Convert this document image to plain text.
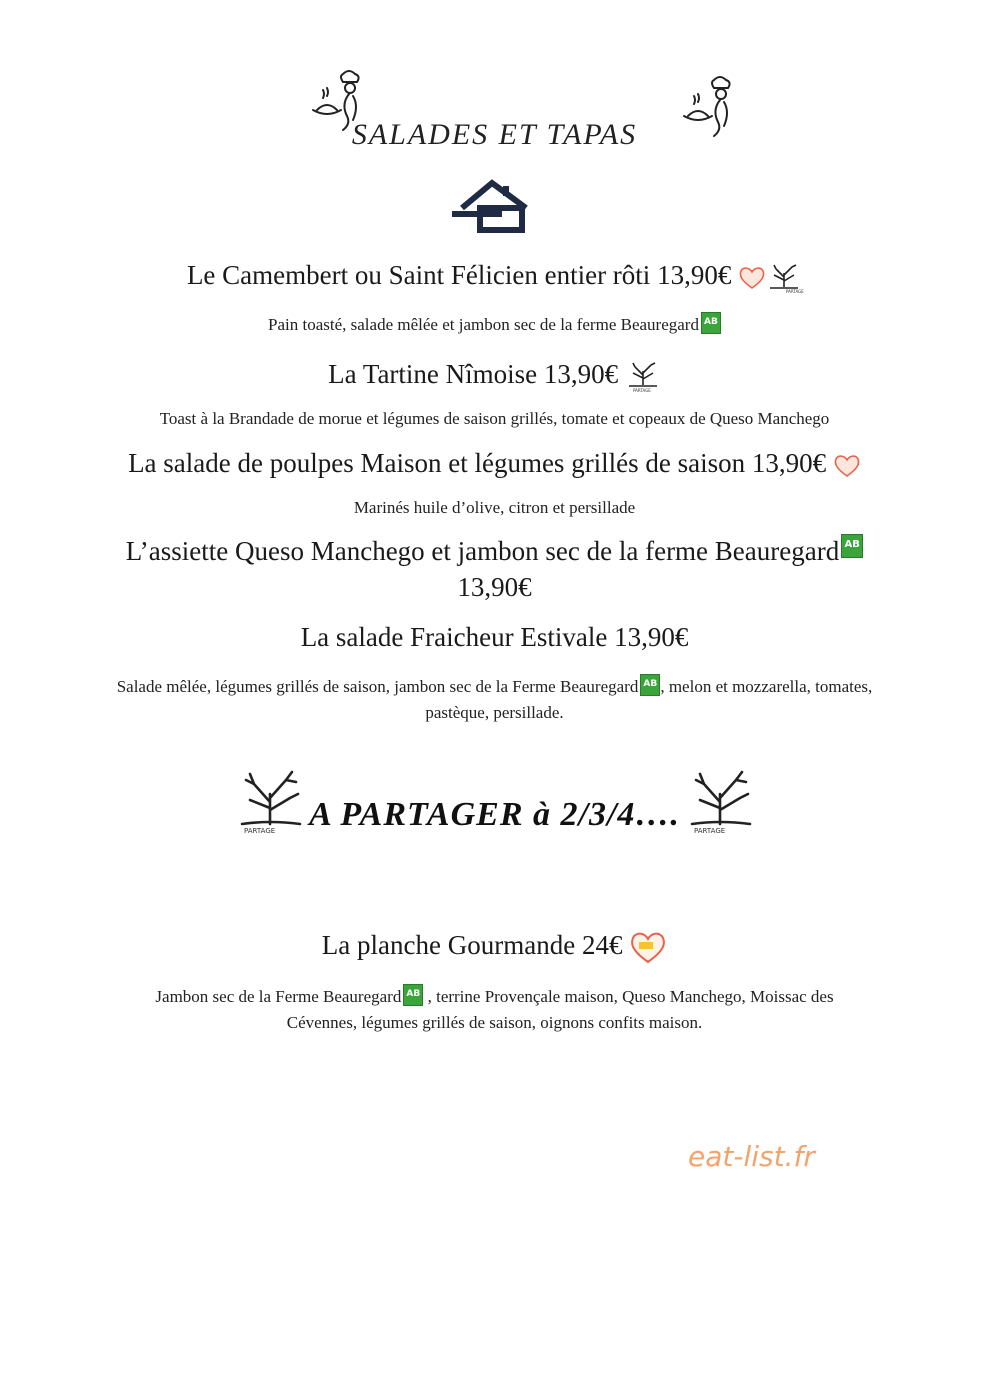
SALADES ET TAPAS
Le Camembert ou Saint Félicien entier rôti 13,90€
PARTAGE
Pain toasté, salade mêlée et jambon sec de la ferme Beauregard AB
La Tartine Nîmoise 13,90€
PARTAGE
Toast à la Brandade de morue et légumes de saison grillés, tomate et copeaux de Queso Manchego
La salade de poulpes Maison et légumes grillés de saison 13,90€
Marinés huile d’olive, citron et persillade
L’assiette Queso Manchego et jambon sec de la ferme Beauregard AB
13,90€
La salade Fraicheur Estivale 13,90€
Salade mêlée, légumes grillés de saison, jambon sec de la Ferme Beauregard AB , melon et mozzarella, tomates,
pastèque, persillade.
PARTAGE A PARTAGER à 2/3/4….	PARTAGE
La planche Gourmande 24€
Jambon sec de la Ferme Beauregard AB , terrine Provençale maison, Queso Manchego, Moissac des
Cévennes, légumes grillés de saison, oignons confits maison.
eat-list.fr
